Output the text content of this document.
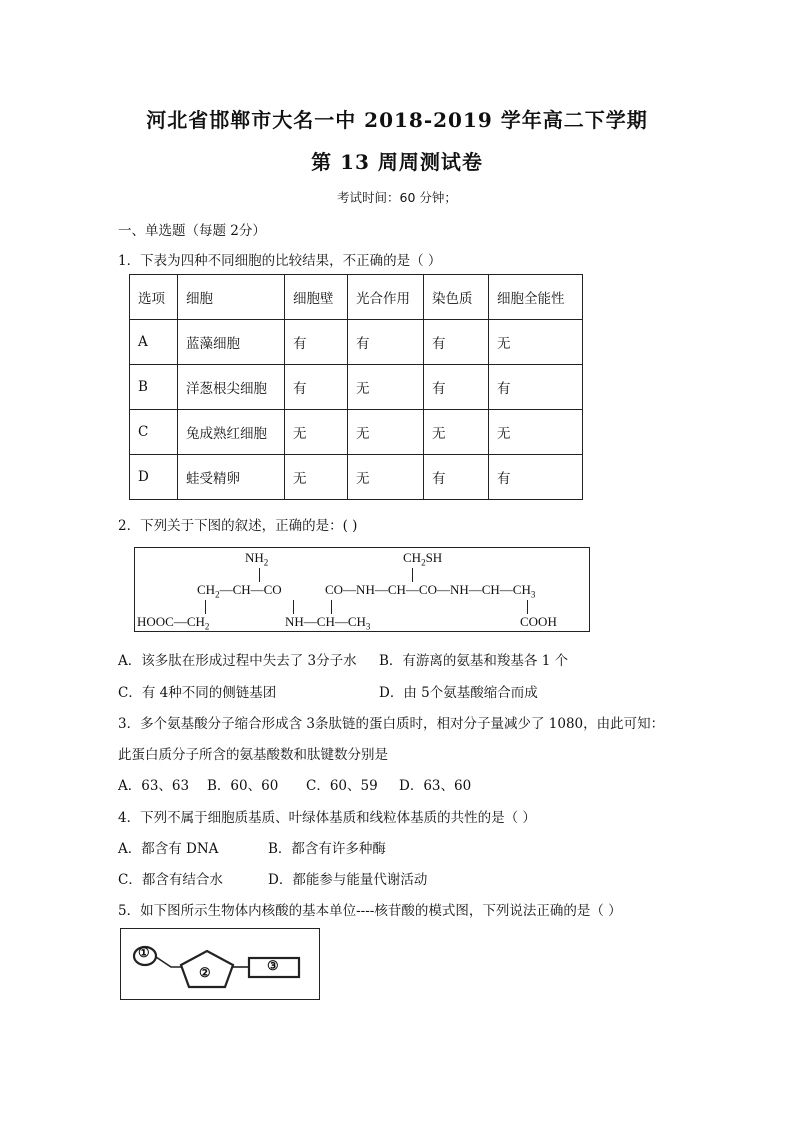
河北省邯郸市大名一中 2018-2019 学年高二下学期
第 13 周周测试卷
考试时间：60 分钟；
一、单选题（每题 2分）
1．下表为四种不同细胞的比较结果，不正确的是（ ）
选项	细胞	细胞壁	光合作用	染色质	细胞全能性
A	蓝藻细胞	有	有	有	无
B	洋葱根尖细胞	有	无	有	有
C	兔成熟红细胞	无	无	无	无
D	蛙受精卵	无	无	有	有
2．下列关于下图的叙述，正确的是：( )
$NH_2$	$CH_2SH$
$CH_2—CH—CO$	$CO—NH—CH—CO—NH—CH—CH_3$
$HOOC—CH_2$	$NH—CH—CH_3$	COOH
A．该多肽在形成过程中失去了 3分子水 B．有游离的氨基和羧基各 1 个
C．有 4种不同的侧链基团	D．由 5个氨基酸缩合而成
3．多个氨基酸分子缩合形成含 3条肽链的蛋白质时，相对分子量减少了 1080，由此可知：
此蛋白质分子所含的氨基酸数和肽键数分别是
A．63、63 B．60、60 C．60、59 D．63、60
4．下列不属于细胞质基质、叶绿体基质和线粒体基质的共性的是（ ）
A．都含有 DNA	B．都含有许多种酶
C．都含有结合水	D．都能参与能量代谢活动
5．如下图所示生物体内核酸的基本单位----核苷酸的模式图，下列说法正确的是（ ）
①
②	③
